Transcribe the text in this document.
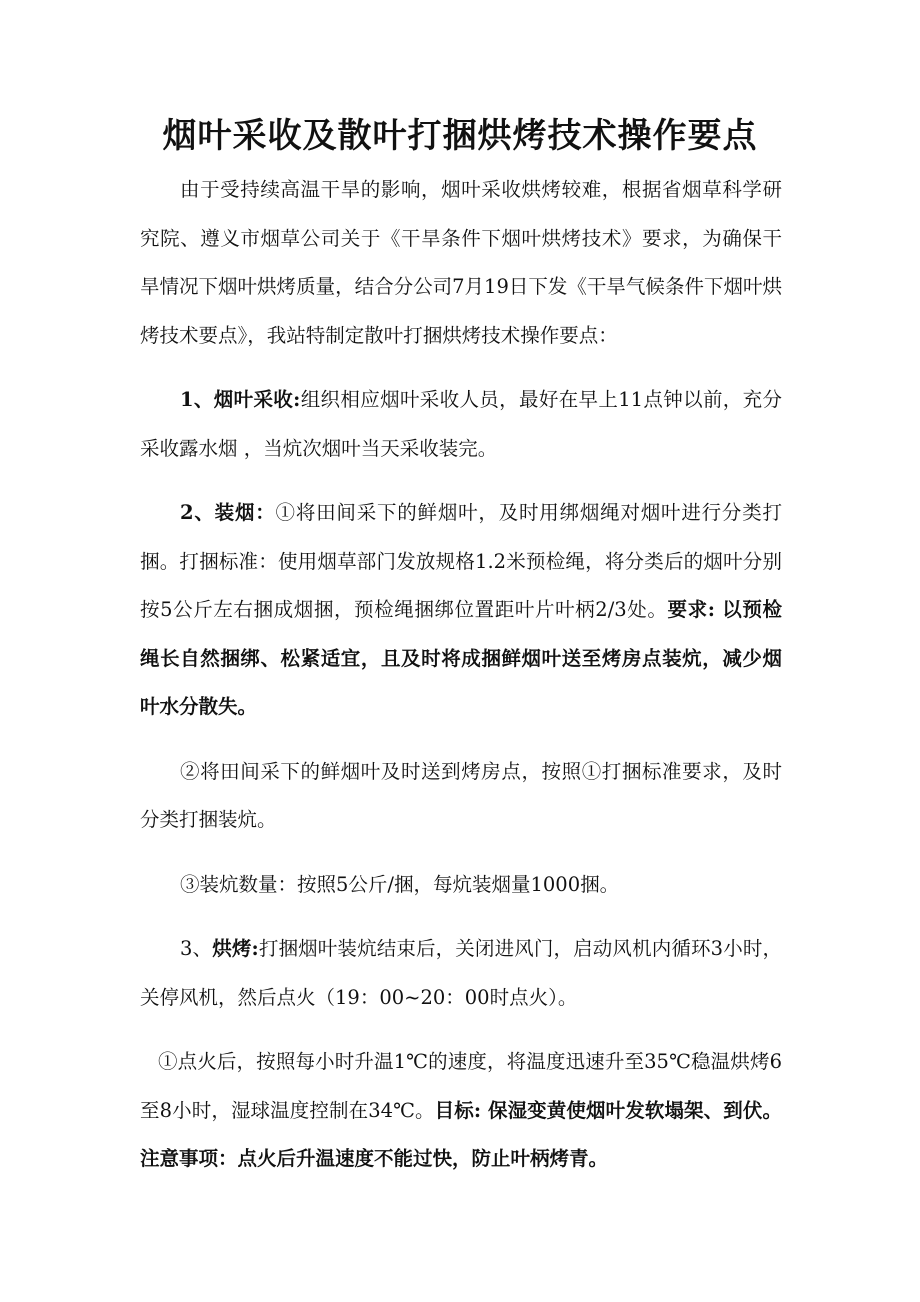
烟叶采收及散叶打捆烘烤技术操作要点

由于受持续高温干旱的影响，烟叶采收烘烤较难，根据省烟草科学研究院、遵义市烟草公司关于《干旱条件下烟叶烘烤技术》要求，为确保干旱情况下烟叶烘烤质量，结合分公司7月19日下发《干旱气候条件下烟叶烘烤技术要点》，我站特制定散叶打捆烘烤技术操作要点：

1、烟叶采收:组织相应烟叶采收人员，最好在早上11点钟以前，充分采收露水烟 ，当炕次烟叶当天采收装完。

2、装烟：①将田间采下的鲜烟叶，及时用绑烟绳对烟叶进行分类打捆。打捆标准：使用烟草部门发放规格1.2米预检绳，将分类后的烟叶分别按5公斤左右捆成烟捆，预检绳捆绑位置距叶片叶柄2/3处。要求: 以预检绳长自然捆绑、松紧适宜，且及时将成捆鲜烟叶送至烤房点装炕，减少烟叶水分散失。

②将田间采下的鲜烟叶及时送到烤房点，按照①打捆标准要求，及时分类打捆装炕。

③装炕数量：按照5公斤/捆，每炕装烟量1000捆。

3、烘烤:打捆烟叶装炕结束后，关闭进风门，启动风机内循环3小时，关停风机，然后点火（19：00~20：00时点火）。

①点火后，按照每小时升温1℃的速度，将温度迅速升至35℃稳温烘烤6至8小时，湿球温度控制在34℃。目标: 保湿变黄使烟叶发软塌架、到伏。注意事项：点火后升温速度不能过快，防止叶柄烤青。
